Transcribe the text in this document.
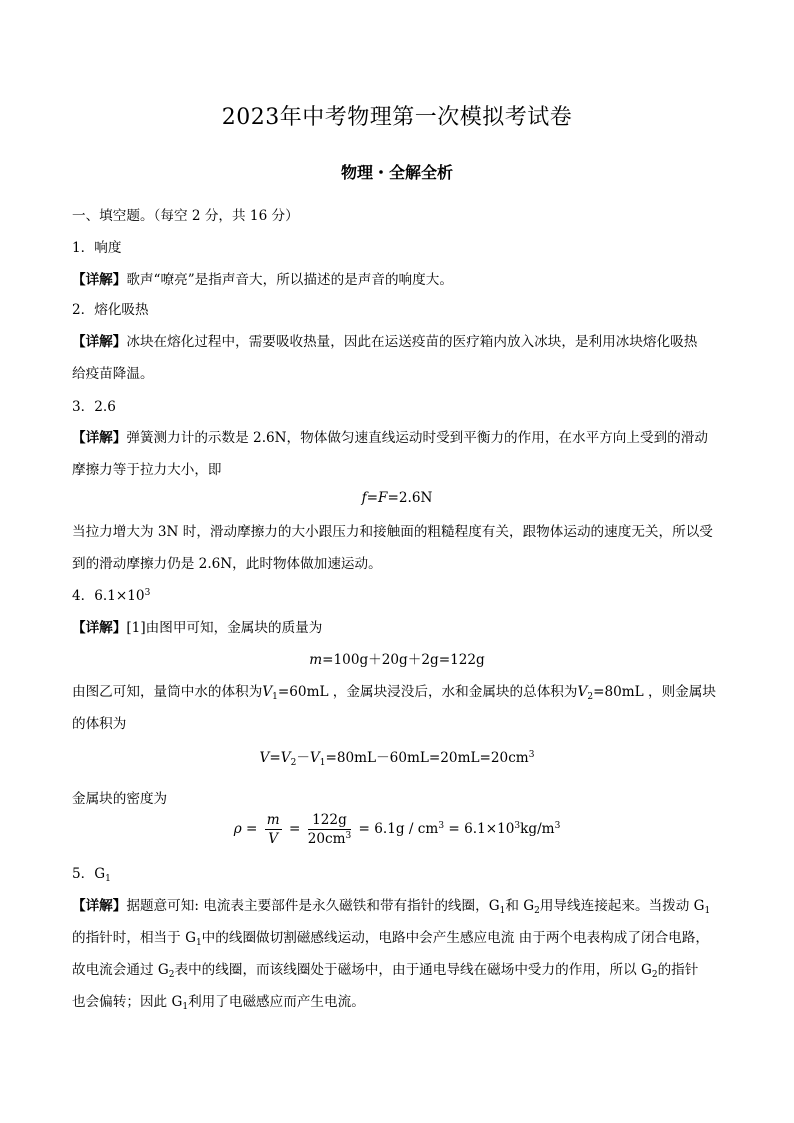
2023年中考物理第一次模拟考试卷
物理・全解全析
一、填空题。（每空 2 分，共 16 分）
1．响度
【详解】歌声“嘹亮”是指声音大，所以描述的是声音的响度大。
2．熔化吸热
【详解】冰块在熔化过程中，需要吸收热量，因此在运送疫苗的医疗箱内放入冰块，是利用冰块熔化吸热
给疫苗降温。
3．2.6
【详解】弹簧测力计的示数是 2.6N，物体做匀速直线运动时受到平衡力的作用，在水平方向上受到的滑动
摩擦力等于拉力大小，即
f=F=2.6N
当拉力增大为 3N 时，滑动摩擦力的大小跟压力和接触面的粗糙程度有关，跟物体运动的速度无关，所以受
到的滑动摩擦力仍是 2.6N，此时物体做加速运动。
4．$6.1\times 10^3$
【详解】[1]由图甲可知，金属块的质量为
m=100g＋20g＋2g=122g
由图乙可知，量筒中水的体积为$V_1=60mL$ ，金属块浸没后，水和金属块的总体积为$V_2=80mL$ ，则金属块
的体积为
$V=V_2-V_1=80mL-60mL=20mL=20cm^3$
金属块的密度为
$\rho = \frac{m}{V} = \frac{122g}{20cm^3} = 6.1g / cm^3 = 6.1\times 10^3kg/m^3$
5．$G_1$
【详解】据题意可知: 电流表主要部件是永久磁铁和带有指针的线圈，$G_1$和 $G_2$用导线连接起来。当拨动 $G_1$
的指针时，相当于 $G_1$中的线圈做切割磁感线运动，电路中会产生感应电流 由于两个电表构成了闭合电路，
故电流会通过 $G_2$表中的线圈，而该线圈处于磁场中，由于通电导线在磁场中受力的作用，所以 $G_2$的指针
也会偏转；因此 $G_1$利用了电磁感应而产生电流。
